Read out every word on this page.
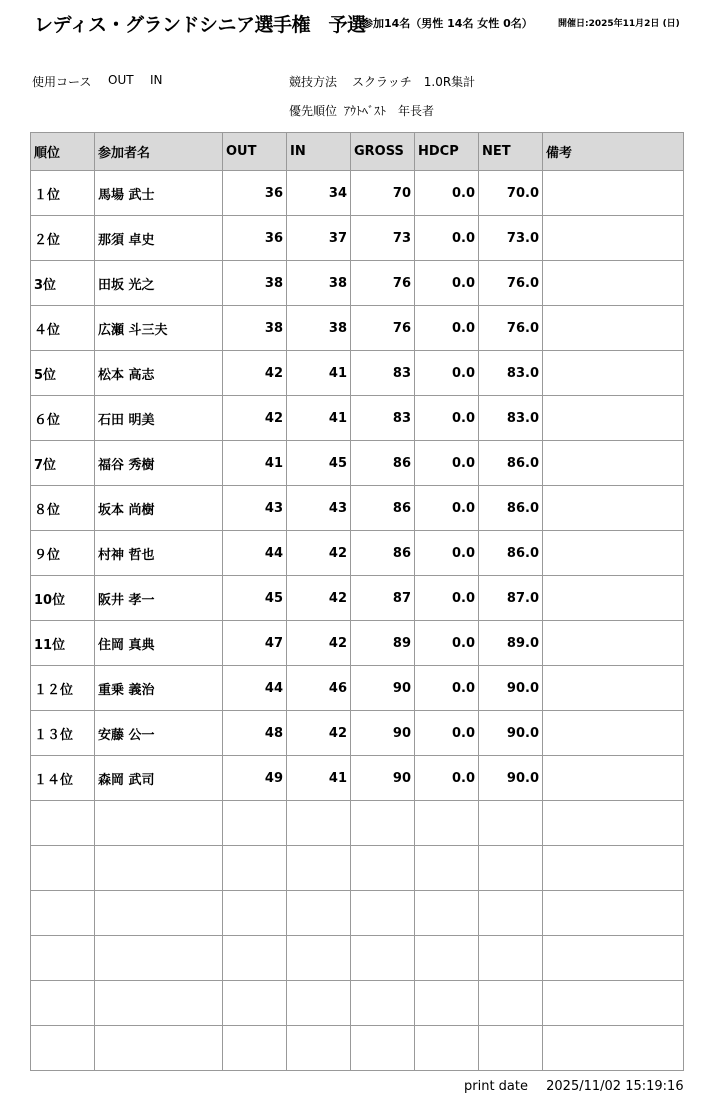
レディス・グランドシニア選手権　予選
参加14名（男性 14名 女性 0名）	開催日:2025年11月2日 (日)
使用コース OUT IN	競技方法 スクラッチ　1.0R集計
優先順位 ｱｳﾄﾍﾞｽﾄ　年長者
順位	参加者名	OUT	IN	GROSS	HDCP	NET	備考
１位	馬場 武士	36	34	70	0.0	70.0	
２位	那須 卓史	36	37	73	0.0	73.0	
3位	田坂 光之	38	38	76	0.0	76.0	
４位	広瀬 斗三夫	38	38	76	0.0	76.0	
5位	松本 高志	42	41	83	0.0	83.0	
６位	石田 明美	42	41	83	0.0	83.0	
7位	福谷 秀樹	41	45	86	0.0	86.0	
８位	坂本 尚樹	43	43	86	0.0	86.0	
９位	村神 哲也	44	42	86	0.0	86.0	
10位	阪井 孝一	45	42	87	0.0	87.0	
11位	住岡 真典	47	42	89	0.0	89.0	
１２位	重乗 義治	44	46	90	0.0	90.0	
１３位	安藤 公一	48	42	90	0.0	90.0	
１４位	森岡 武司	49	41	90	0.0	90.0	

print date 2025/11/02 15:19:16
